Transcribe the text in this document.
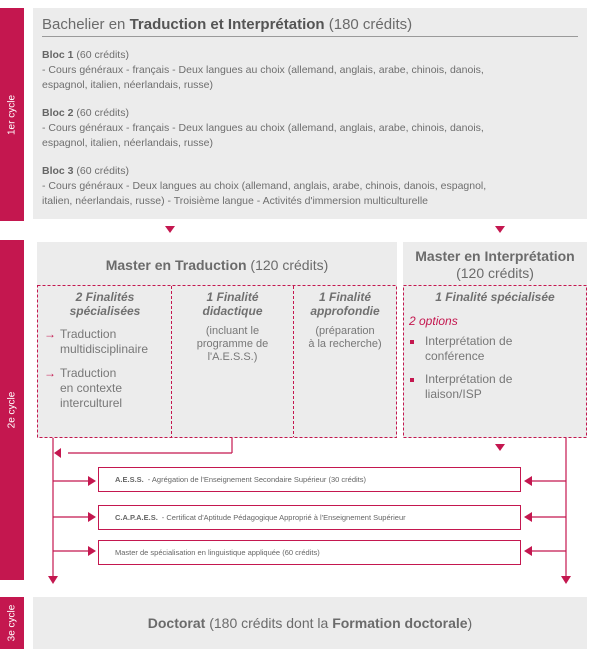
1er cycle
2e cycle
3e cycle
Bachelier en Traduction et Interprétation (180 crédits)
Bloc 1 (60 crédits)
- Cours généraux - français - Deux langues au choix (allemand, anglais, arabe, chinois, danois,
espagnol, italien, néerlandais, russe)
Bloc 2 (60 crédits)
- Cours généraux - français - Deux langues au choix (allemand, anglais, arabe, chinois, danois,
espagnol, italien, néerlandais, russe)
Bloc 3 (60 crédits)
- Cours généraux - Deux langues au choix (allemand, anglais, arabe, chinois, danois, espagnol,
italien, néerlandais, russe) - Troisième langue - Activités d'immersion multiculturelle
Master en Traduction (120 crédits)
Master en Interprétation
(120 crédits)
2 Finalités
spécialisées
→ Traduction
multidisciplinaire
→ Traduction
en contexte
interculturel
1 Finalité
didactique
(incluant le
programme de
l'A.E.S.S.)
1 Finalité
approfondie
(préparation
à la recherche)
1 Finalité spécialisée
2 options
Interprétation de
conférence
Interprétation de
liaison/ISP
A.E.S.S. - Agrégation de l'Enseignement Secondaire Supérieur (30 crédits)
C.A.P.A.E.S. - Certificat d'Aptitude Pédagogique Approprié à l'Enseignement Supérieur
Master de spécialisation en linguistique appliquée (60 crédits)
Doctorat (180 crédits dont la Formation doctorale)
